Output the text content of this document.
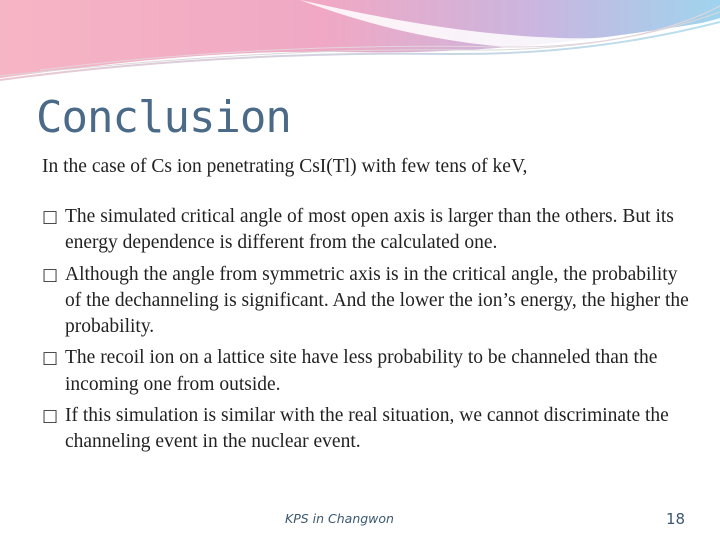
Conclusion
In the case of Cs ion penetrating CsI(Tl) with few tens of keV,
□ The simulated critical angle of most open axis is larger than the others. But its energy dependence is different from the calculated one.
□ Although the angle from symmetric axis is in the critical angle, the probability of the dechanneling is significant. And the lower the ion’s energy, the higher the probability.
□ The recoil ion on a lattice site have less probability to be channeled than the incoming one from outside.
□ If this simulation is similar with the real situation, we cannot discriminate the channeling event in the nuclear event.
KPS in Changwon	18
